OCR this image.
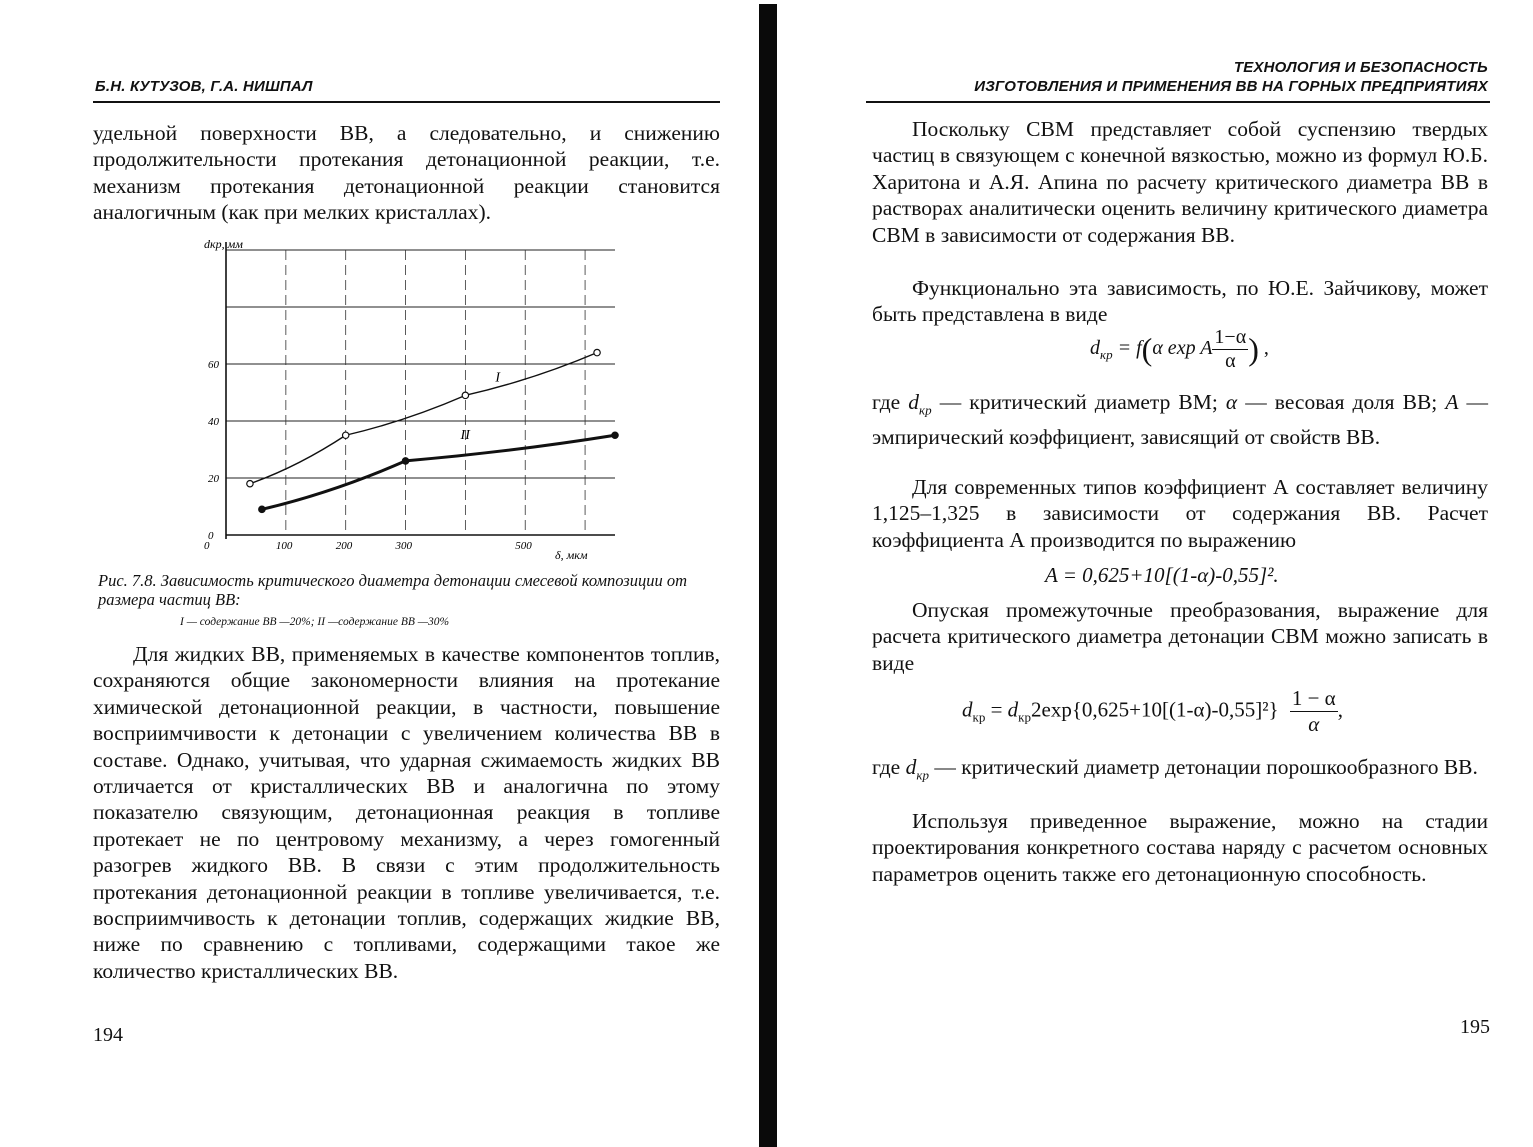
Б.Н. КУТУЗОВ, Г.А. НИШПАЛ

удельной поверхности ВВ, а следовательно, и снижению продолжительности протекания детонационной реакции, т.е. механизм протекания детонационной реакции становится аналогичным (как при мелких кристаллах).

0
20
40
60
0	100	200	300	500
dкр, мм
δ, мкм
I
II
Рис. 7.8. Зависимость критического диаметра детонации смесевой композиции от размера частиц ВВ:
I — содержание ВВ —20%; II —содержание ВВ —30%

Для жидких ВВ, применяемых в качестве компонентов топлив, сохраняются общие закономерности влияния на протекание химической детонационной реакции, в частности, повышение восприимчивости к детонации с увеличением количества ВВ в составе. Однако, учитывая, что ударная сжимаемость жидких ВВ отличается от кристаллических ВВ и аналогична по этому показателю связующим, детонационная реакция в топливе протекает не по центровому механизму, а через гомогенный разогрев жидкого ВВ. В связи с этим продолжительность протекания детонационной реакции в топливе увеличивается, т.е. восприимчивость к детонации топлив, содержащих жидкие ВВ, ниже по сравнению с топливами, содержащими такое же количество кристаллических ВВ.

194
ТЕХНОЛОГИЯ И БЕЗОПАСНОСТЬ
ИЗГОТОВЛЕНИЯ И ПРИМЕНЕНИЯ ВВ НА ГОРНЫХ ПРЕДПРИЯТИЯХ

Поскольку СВМ представляет собой суспензию твердых частиц в связующем с конечной вязкостью, можно из формул Ю.Б. Харитона и А.Я. Апина по расчету критического диаметра ВВ в растворах аналитически оценить величину критического диаметра СВМ в зависимости от содержания ВВ.

Функционально эта зависимость, по Ю.Е. Зайчикову, может быть представлена в виде

$d_{кр} = f(\alpha$ exp A $\frac{1-\alpha}{\alpha}$ ) ,

где $d_{кр}$ — критический диаметр ВМ; α — весовая доля ВВ; A — эмпирический коэффициент, зависящий от свойств ВВ.

Для современных типов коэффициент А составляет величину 1,125–1,325 в зависимости от содержания ВВ. Расчет коэффициента А производится по выражению

A = 0,625+10[(1-α)-0,55]².

Опуская промежуточные преобразования, выражение для расчета критического диаметра детонации СВМ можно записать в виде

$d_{кр} = d_{кр}2\exp\{0,625+10[(1-\alpha)-0,55]^2\} \frac{1 - \alpha}{\alpha}$ ,

где $d_{кр}$ — критический диаметр детонации порошкообразного ВВ.

Используя приведенное выражение, можно на стадии проектирования конкретного состава наряду с расчетом основных параметров оценить также его детонационную способность.

195
